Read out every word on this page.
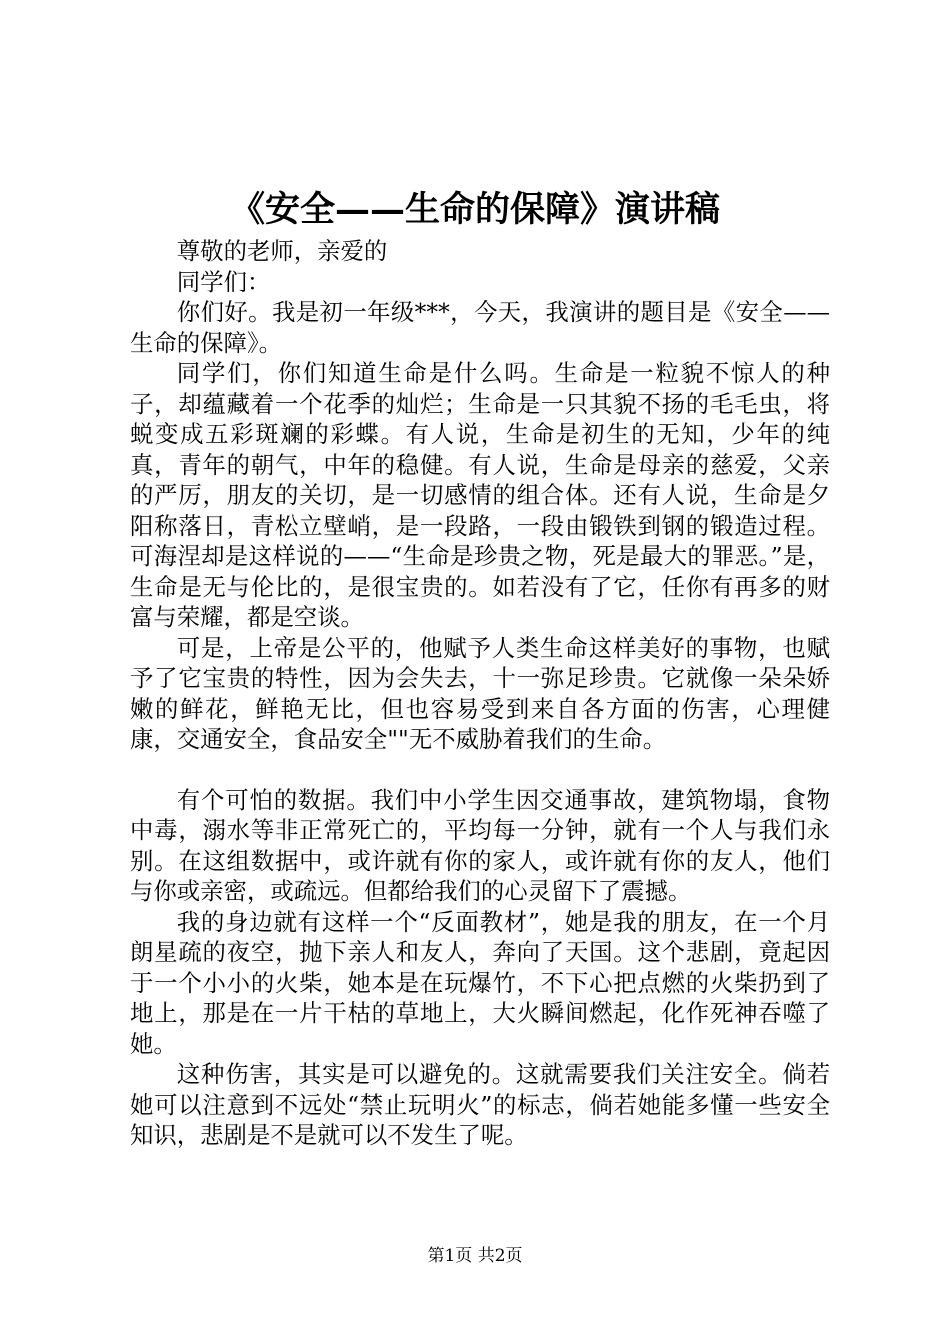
《安全——生命的保障》演讲稿

尊敬的老师，亲爱的

同学们：

你们好。我是初一年级***，今天，我演讲的题目是《安全——生命的保障》。

同学们，你们知道生命是什么吗。生命是一粒貌不惊人的种子，却蕴藏着一个花季的灿烂；生命是一只其貌不扬的毛毛虫，将蜕变成五彩斑斓的彩蝶。有人说，生命是初生的无知，少年的纯真，青年的朝气，中年的稳健。有人说，生命是母亲的慈爱，父亲的严厉，朋友的关切，是一切感情的组合体。还有人说，生命是夕阳称落日，青松立壁峭，是一段路，一段由锻铁到钢的锻造过程。可海涅却是这样说的——“生命是珍贵之物，死是最大的罪恶。”是，生命是无与伦比的，是很宝贵的。如若没有了它，任你有再多的财富与荣耀，都是空谈。

可是，上帝是公平的，他赋予人类生命这样美好的事物，也赋予了它宝贵的特性，因为会失去，十一弥足珍贵。它就像一朵朵娇嫩的鲜花，鲜艳无比，但也容易受到来自各方面的伤害，心理健康，交通安全，食品安全""无不威胁着我们的生命。

有个可怕的数据。我们中小学生因交通事故，建筑物塌，食物中毒，溺水等非正常死亡的，平均每一分钟，就有一个人与我们永别。在这组数据中，或许就有你的家人，或许就有你的友人，他们与你或亲密，或疏远。但都给我们的心灵留下了震撼。

我的身边就有这样一个“反面教材”，她是我的朋友，在一个月朗星疏的夜空，抛下亲人和友人，奔向了天国。这个悲剧，竟起因于一个小小的火柴，她本是在玩爆竹，不下心把点燃的火柴扔到了地上，那是在一片干枯的草地上，大火瞬间燃起，化作死神吞噬了她。

这种伤害，其实是可以避免的。这就需要我们关注安全。倘若她可以注意到不远处“禁止玩明火”的标志，倘若她能多懂一些安全知识，悲剧是不是就可以不发生了呢。

第1页 共2页
